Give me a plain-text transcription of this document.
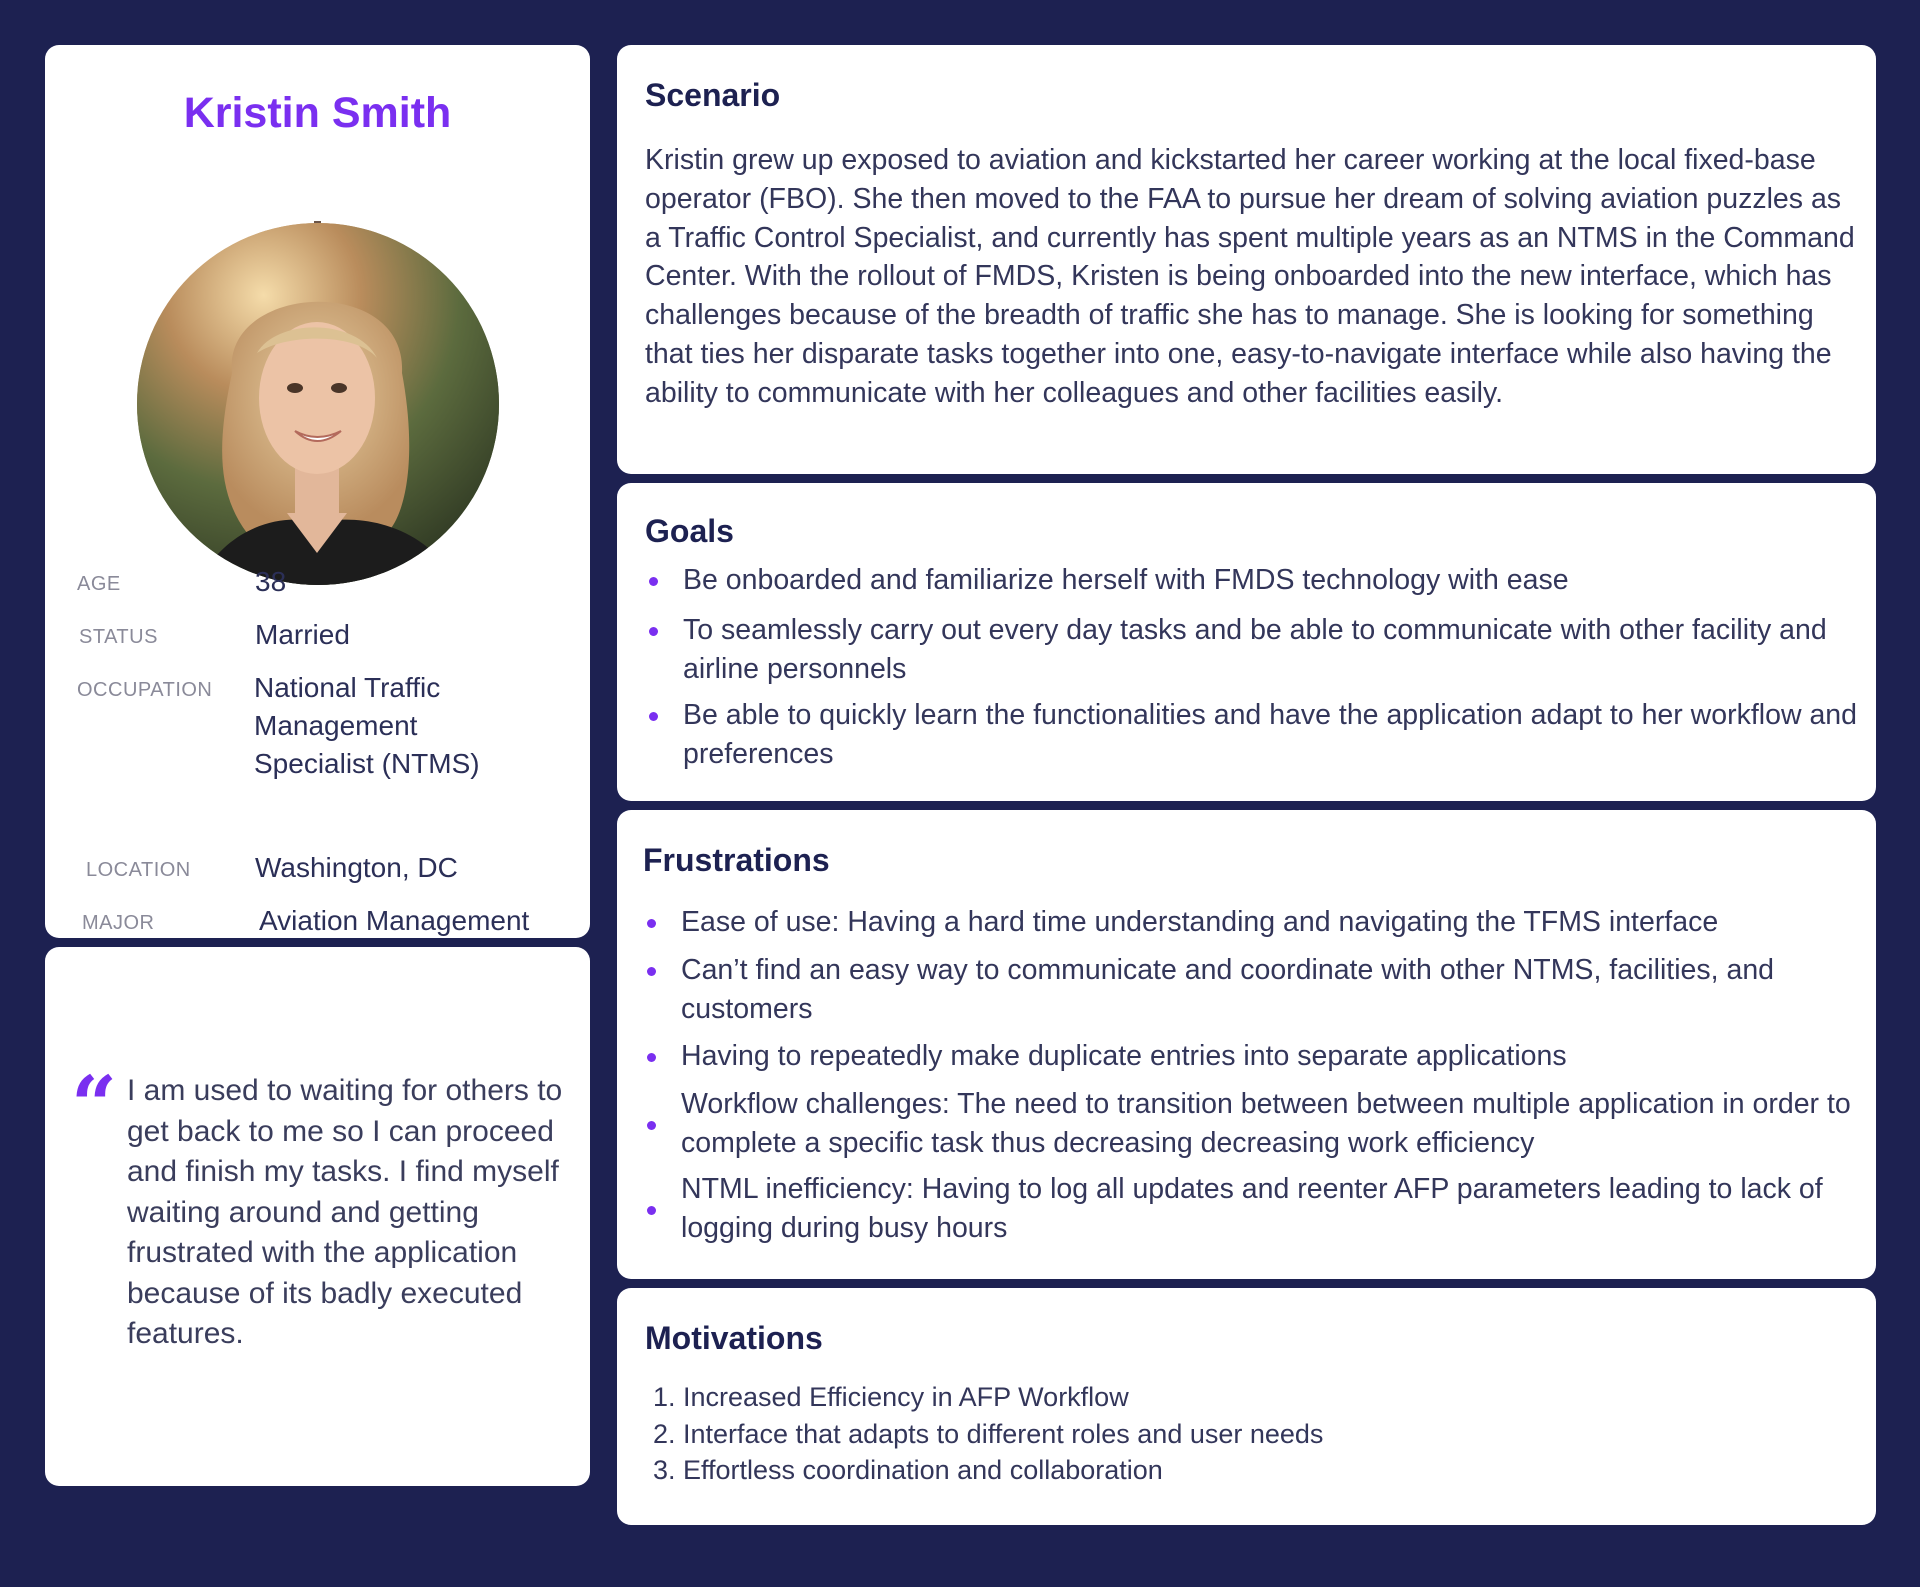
Kristin Smith
AGE	38
STATUS	Married
OCCUPATION National Traffic
Management
Specialist (NTMS)
LOCATION Washington, DC
MAJOR	Aviation Management
“ I am used to waiting for others to get back to me so I can proceed and finish my tasks. I find myself waiting around and getting frustrated with the application because of its badly executed features.
Scenario
Kristin grew up exposed to aviation and kickstarted her career working at the local fixed-base operator (FBO). She then moved to the FAA to pursue her dream of solving aviation puzzles as a Traffic Control Specialist, and currently has spent multiple years as an NTMS in the Command Center. With the rollout of FMDS, Kristen is being onboarded into the new interface, which has challenges because of the breadth of traffic she has to manage. She is looking for something that ties her disparate tasks together into one, easy-to-navigate interface while also having the ability to communicate with her colleagues and other facilities easily.
Goals
Be onboarded and familiarize herself with FMDS technology with ease
To seamlessly carry out every day tasks and be able to communicate with other facility and airline personnels
Be able to quickly learn the functionalities and have the application adapt to her workflow and preferences
Frustrations
Ease of use: Having a hard time understanding and navigating the TFMS interface
Can’t find an easy way to communicate and coordinate with other NTMS, facilities, and customers
Having to repeatedly make duplicate entries into separate applications
Workflow challenges: The need to transition between between multiple application in order to complete a specific task thus decreasing decreasing work efficiency
NTML inefficiency: Having to log all updates and reenter AFP parameters leading to lack of logging during busy hours
Motivations
1. Increased Efficiency in AFP Workflow
2. Interface that adapts to different roles and user needs
3. Effortless coordination and collaboration
